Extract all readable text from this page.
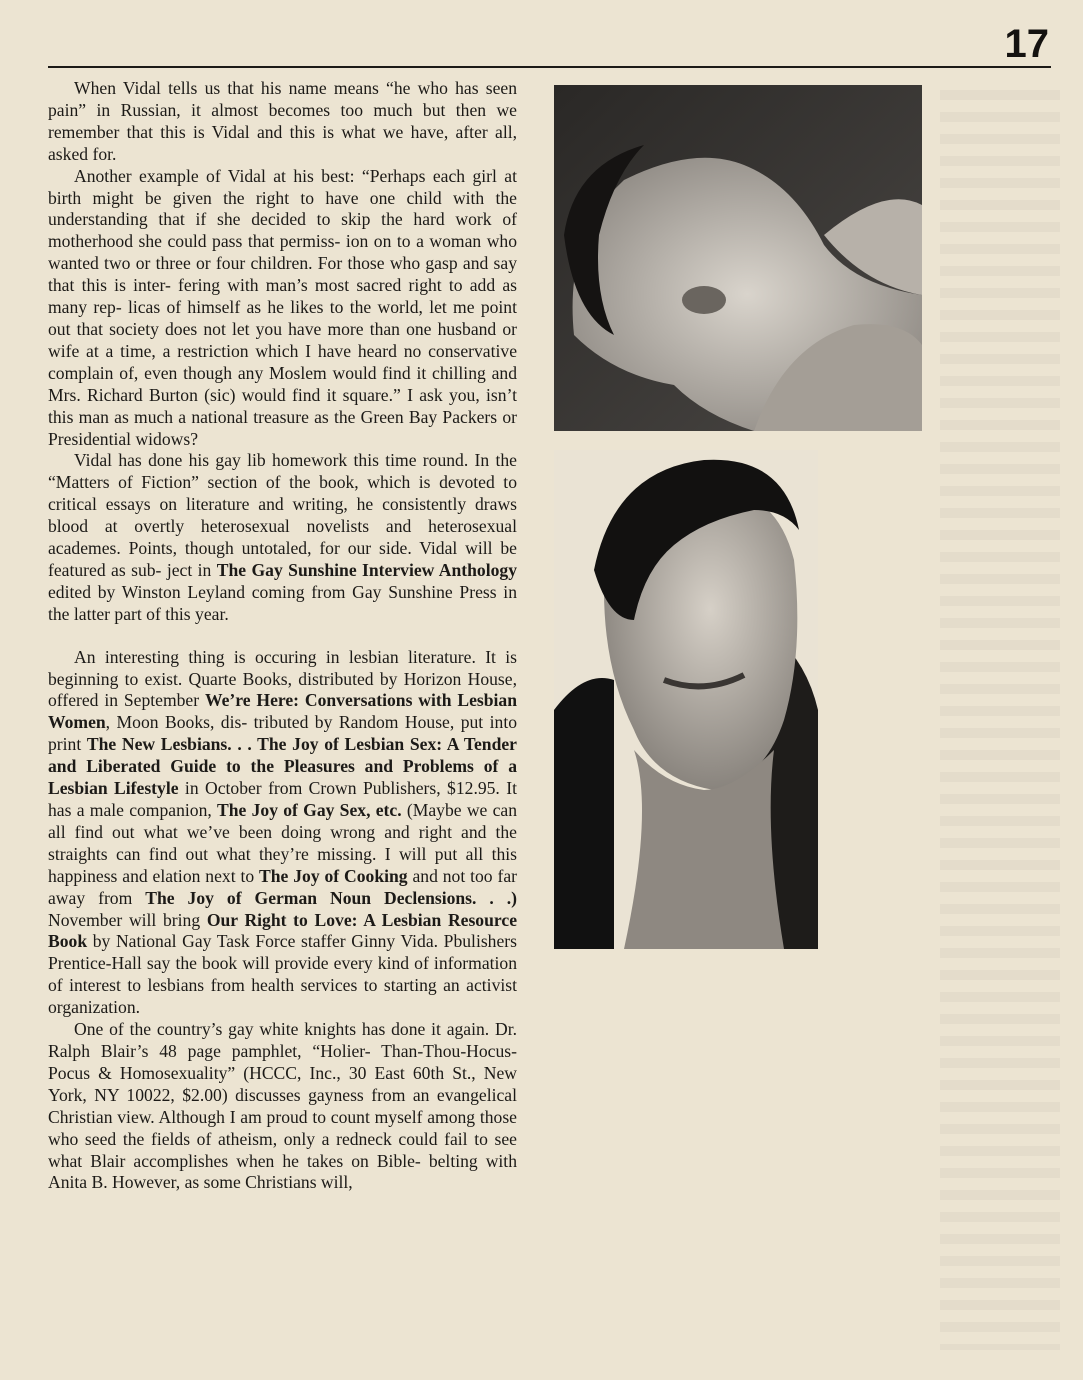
17

When Vidal tells us that his name means “he who has seen pain” in Russian, it almost becomes too much but then we remember that this is Vidal and this is what we have, after all, asked for.

Another example of Vidal at his best: “Perhaps each girl at birth might be given the right to have one child with the understanding that if she decided to skip the hard work of motherhood she could pass that permiss- ion on to a woman who wanted two or three or four children. For those who gasp and say that this is inter- fering with man’s most sacred right to add as many rep- licas of himself as he likes to the world, let me point out that society does not let you have more than one husband or wife at a time, a restriction which I have heard no conservative complain of, even though any Moslem would find it chilling and Mrs. Richard Burton (sic) would find it square.” I ask you, isn’t this man as much a national treasure as the Green Bay Packers or Presidential widows?

Vidal has done his gay lib homework this time round. In the “Matters of Fiction” section of the book, which is devoted to critical essays on literature and writing, he consistently draws blood at overtly heterosexual novelists and heterosexual academes. Points, though untotaled, for our side. Vidal will be featured as sub- ject in The Gay Sunshine Interview Anthology edited by Winston Leyland coming from Gay Sunshine Press in the latter part of this year.

An interesting thing is occuring in lesbian literature. It is beginning to exist. Quarte Books, distributed by Horizon House, offered in September We’re Here: Conversations with Lesbian Women, Moon Books, dis- tributed by Random House, put into print The New Lesbians. . . The Joy of Lesbian Sex: A Tender and Liberated Guide to the Pleasures and Problems of a Lesbian Lifestyle in October from Crown Publishers, $12.95. It has a male companion, The Joy of Gay Sex, etc. (Maybe we can all find out what we’ve been doing wrong and right and the straights can find out what they’re missing. I will put all this happiness and elation next to The Joy of Cooking and not too far away from The Joy of German Noun Declensions. . .) November will bring Our Right to Love: A Lesbian Resource Book by National Gay Task Force staffer Ginny Vida. Pbulishers Prentice-Hall say the book will provide every kind of information of interest to lesbians from health services to starting an activist organization.

One of the country’s gay white knights has done it again. Dr. Ralph Blair’s 48 page pamphlet, “Holier- Than-Thou-Hocus-Pocus & Homosexuality” (HCCC, Inc., 30 East 60th St., New York, NY 10022, $2.00) discusses gayness from an evangelical Christian view. Although I am proud to count myself among those who seed the fields of atheism, only a redneck could fail to see what Blair accomplishes when he takes on Bible- belting with Anita B. However, as some Christians will,
